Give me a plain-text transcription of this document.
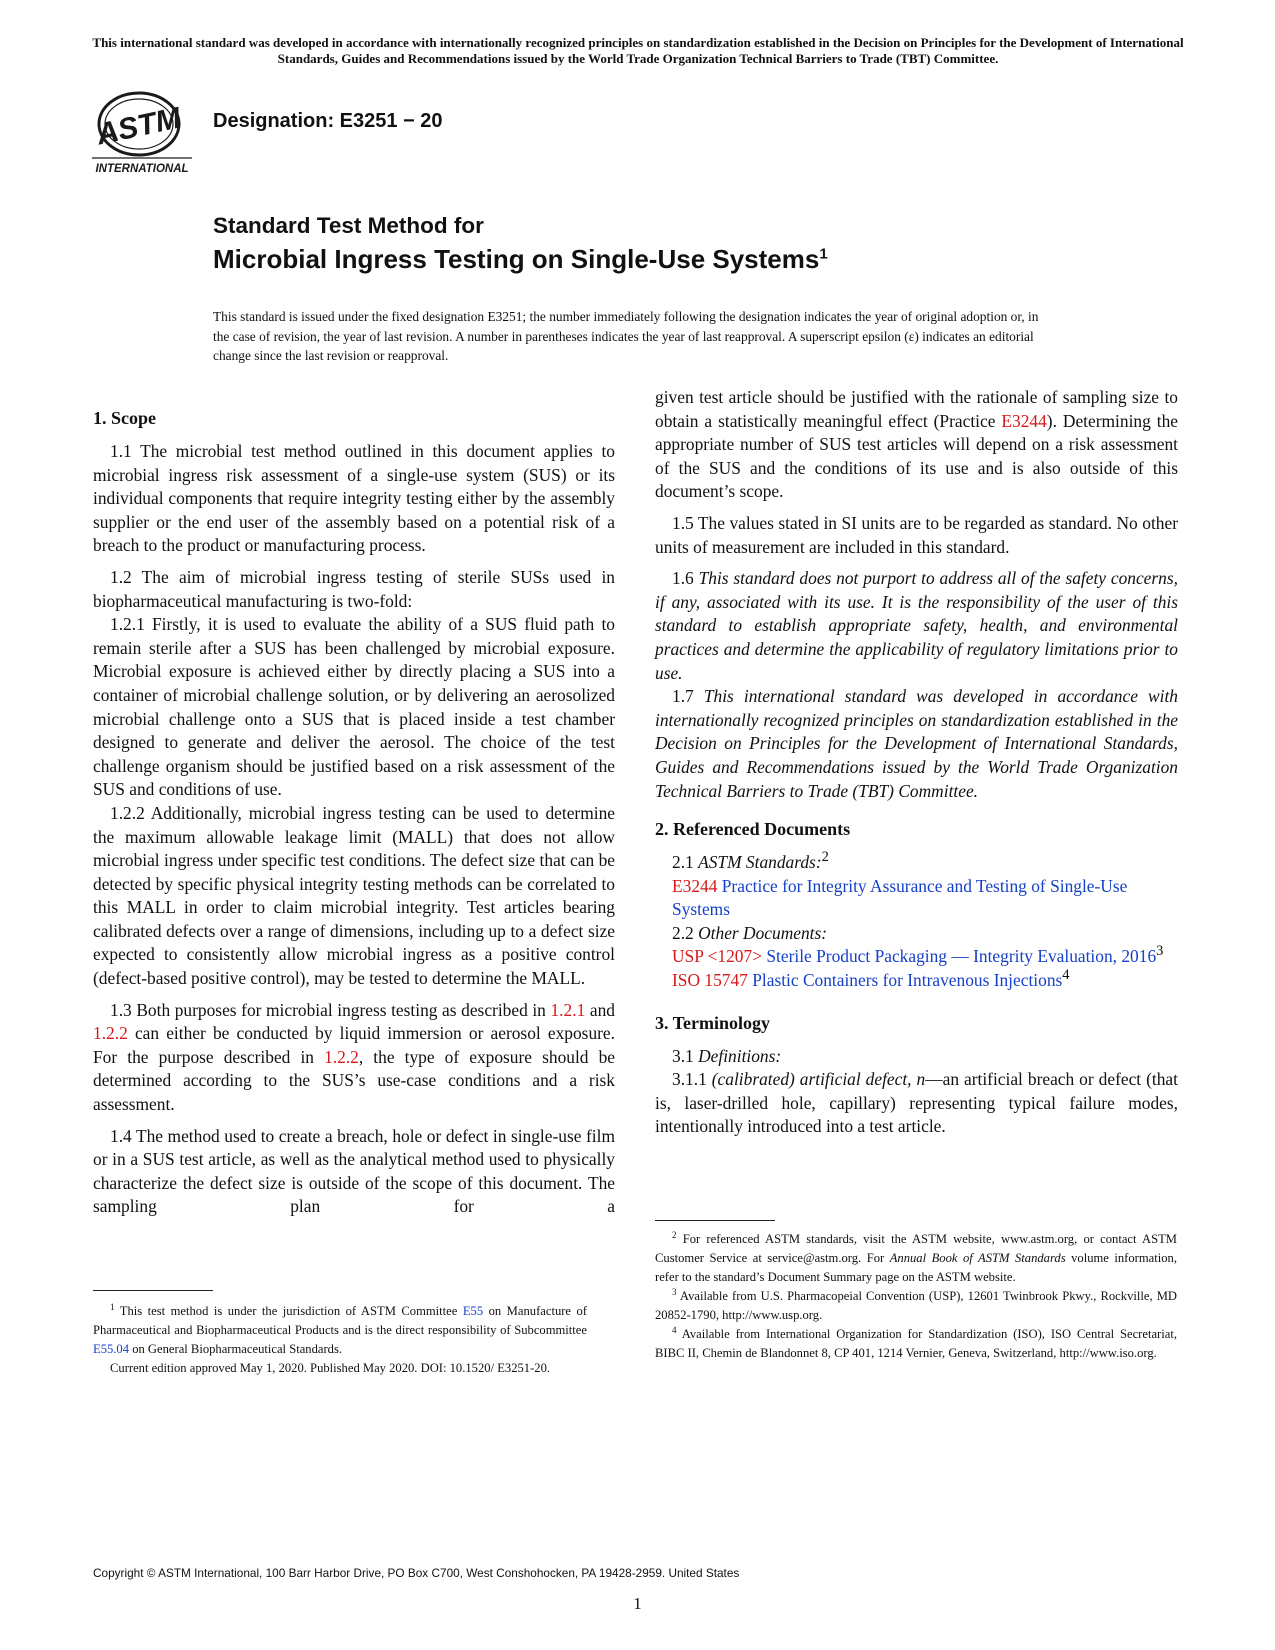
This international standard was developed in accordance with internationally recognized principles on standardization established in the Decision on Principles for the Development of International Standards, Guides and Recommendations issued by the World Trade Organization Technical Barriers to Trade (TBT) Committee.
ASTM
INTERNATIONAL
Designation: E3251 − 20
Standard Test Method for
Microbial Ingress Testing on Single-Use Systems$^1$
This standard is issued under the fixed designation E3251; the number immediately following the designation indicates the year of original adoption or, in the case of revision, the year of last revision. A number in parentheses indicates the year of last reapproval. A superscript epsilon (ε) indicates an editorial change since the last revision or reapproval.
1. Scope

1.1 The microbial test method outlined in this document applies to microbial ingress risk assessment of a single-use system (SUS) or its individual components that require integrity testing either by the assembly supplier or the end user of the assembly based on a potential risk of a breach to the product or manufacturing process.

1.2 The aim of microbial ingress testing of sterile SUSs used in biopharmaceutical manufacturing is two-fold:

1.2.1 Firstly, it is used to evaluate the ability of a SUS fluid path to remain sterile after a SUS has been challenged by microbial exposure. Microbial exposure is achieved either by directly placing a SUS into a container of microbial challenge solution, or by delivering an aerosolized microbial challenge onto a SUS that is placed inside a test chamber designed to generate and deliver the aerosol. The choice of the test challenge organism should be justified based on a risk assessment of the SUS and conditions of use.

1.2.2 Additionally, microbial ingress testing can be used to determine the maximum allowable leakage limit (MALL) that does not allow microbial ingress under specific test conditions. The defect size that can be detected by specific physical integrity testing methods can be correlated to this MALL in order to claim microbial integrity. Test articles bearing calibrated defects over a range of dimensions, including up to a defect size expected to consistently allow microbial ingress as a positive control (defect-based positive control), may be tested to determine the MALL.

1.3 Both purposes for microbial ingress testing as described in 1.2.1 and 1.2.2 can either be conducted by liquid immersion or aerosol exposure. For the purpose described in 1.2.2, the type of exposure should be determined according to the SUS’s use-case conditions and a risk assessment.

1.4 The method used to create a breach, hole or defect in single-use film or in a SUS test article, as well as the analytical method used to physically characterize the defect size is outside of the scope of this document. The sampling plan for a

$^1$ This test method is under the jurisdiction of ASTM Committee E55 on Manufacture of Pharmaceutical and Biopharmaceutical Products and is the direct responsibility of Subcommittee E55.04 on General Biopharmaceutical Standards.

Current edition approved May 1, 2020. Published May 2020. DOI: 10.1520/ E3251-20.

given test article should be justified with the rationale of sampling size to obtain a statistically meaningful effect (Practice E3244). Determining the appropriate number of SUS test articles will depend on a risk assessment of the SUS and the conditions of its use and is also outside of this document’s scope.

1.5 The values stated in SI units are to be regarded as standard. No other units of measurement are included in this standard.

1.6 This standard does not purport to address all of the safety concerns, if any, associated with its use. It is the responsibility of the user of this standard to establish appropriate safety, health, and environmental practices and determine the applicability of regulatory limitations prior to use.

1.7 This international standard was developed in accordance with internationally recognized principles on standardization established in the Decision on Principles for the Development of International Standards, Guides and Recommendations issued by the World Trade Organization Technical Barriers to Trade (TBT) Committee.

2. Referenced Documents

2.1 ASTM Standards:$^2$

E3244 Practice for Integrity Assurance and Testing of Single-Use Systems

2.2 Other Documents:

USP <1207> Sterile Product Packaging — Integrity Evaluation, 2016$^3$

ISO 15747 Plastic Containers for Intravenous Injections$^4$

3. Terminology

3.1 Definitions:

3.1.1 (calibrated) artificial defect, n—an artificial breach or defect (that is, laser-drilled hole, capillary) representing typical failure modes, intentionally introduced into a test article.

$^2$ For referenced ASTM standards, visit the ASTM website, www.astm.org, or contact ASTM Customer Service at service@astm.org. For Annual Book of ASTM Standards volume information, refer to the standard’s Document Summary page on the ASTM website.

$^3$ Available from U.S. Pharmacopeial Convention (USP), 12601 Twinbrook Pkwy., Rockville, MD 20852-1790, http://www.usp.org.

$^4$ Available from International Organization for Standardization (ISO), ISO Central Secretariat, BIBC II, Chemin de Blandonnet 8, CP 401, 1214 Vernier, Geneva, Switzerland, http://www.iso.org.

Copyright © ASTM International, 100 Barr Harbor Drive, PO Box C700, West Conshohocken, PA 19428-2959. United States
1
